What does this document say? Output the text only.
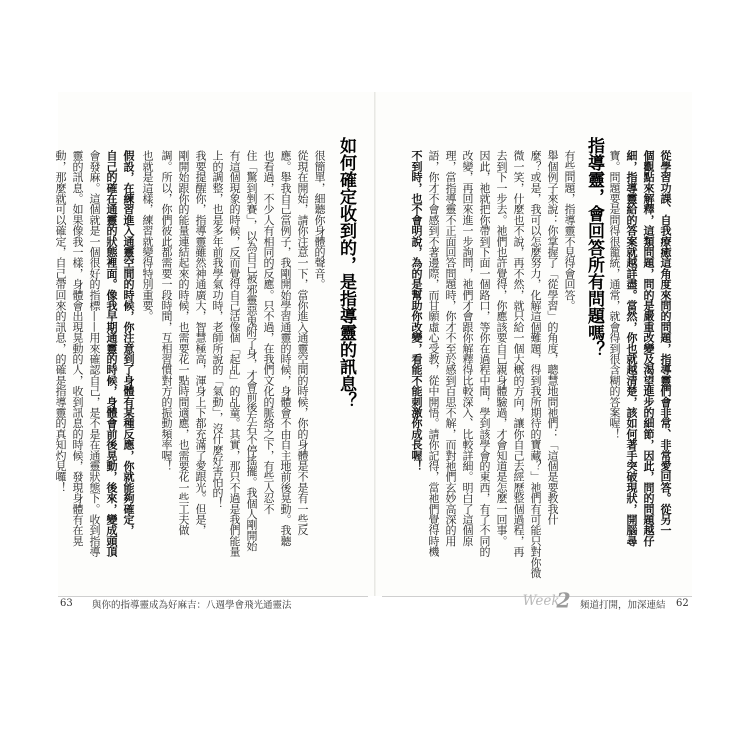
如何確定收到的，是指導靈的訊息？
很簡單，細聽你身體的聲音。
從現在開始，請你注意一下，當你進入通靈空間的時候，你的身體是不是有一些反
應。舉我自己當例子，我剛開始學習通靈的時候，身體會不由自主地前後晃動。我聽
也看過，不少人有相同的反應。只不過，在我們文化的脈絡之下，有些人忍不
住「驚到剉賽」，以為自己被邪靈惡鬼附了身，才會前後左右不停搖擺。我個人剛開始
有這個現象的時候，反而覺得自己活像個「起乩」的乩童。其實，那只不過是我們能量
上的調整，也是多年前我學氣功時，老師所說的「氣動」，沒什麼好害怕的！
我要提醒你，指導靈雖然神通廣大，智慧極高，渾身上下都充滿了愛跟光。但是，
剛開始跟你的能量連結起來的時候，也需要花一點時間適應，也需要花一些工夫做
調。所以，你們彼此都需要一段時間，互相習慣對方的振動頻率喔！
也就是這樣，練習就變得特別重要。
假設，在練習進入通靈空間的時候，你注意到了身體有某種反應，你就能夠確定，
自己的確在通靈的狀態裡面。像我早期通靈的時候，身體會前後晃動，後來，變成頭頂
會發麻。這個就是一個很好的指標——用來確認自己，是不是在通靈狀態下。收到指導
靈的訊息。如果像我一樣，身體會出現晃動的人，收到訊息的時候，發現身體有在晃
動，那麼就可以確定，自己帶回來的訊息，的確是指導靈的真知灼見囉！	從學習功課、自我療癒這角度來問的問題，指導靈們會非常、非常愛回答。從另一
個觀點來解釋，這類問題，問的是嚴重改變及渴望進步的細節，因此，問的問題越仔
細，指導靈給的答案就越詳盡。當然，你也就越清楚，該如何著手突破現狀，開腦尋
寶。問題要是問得很籠統，通常，就會得到很含糊的答案喔！
指導靈，會回答所有問題嗎？
有些問題，指導靈不見得會回答。
舉個例子來說：你掌握了「從學習」的角度，聰慧地問祂們：「這個是要教我什
麼？或是，我可以怎麼努力，化解這個難題，得到我所期待的寶藏？」祂們有可能只對你微
微一笑，什麼也不說，再不然，就只給一個大概的方向，讓你自己去經歷整個過程，再
去到下一步去。祂們也許覺得，你應該要自己親身體驗過，才會知道是怎麼一回事。
因此，祂就把你帶到下面一個路口，等你在過程中間，學到該學會的東西，有了不同的
改變，再回來進一步詢問，祂們才會跟你解釋得比較深入、比較詳細。明白了這個原
理，當指導靈不正面回答問題時，你才不至於感到百思不解，而對祂們玄妙高深的用
語，你才不會感到不著邊際，而甘願虛心受教，從中開悟。請你記得，當祂們覺得時機
不到時，也不會明說，為的是幫助你改變，看能不能刺激你成長喔！
63 與你的指導靈成為好麻吉：八週學會飛光通靈法	頻道打開，加深連結 62
Week
2
